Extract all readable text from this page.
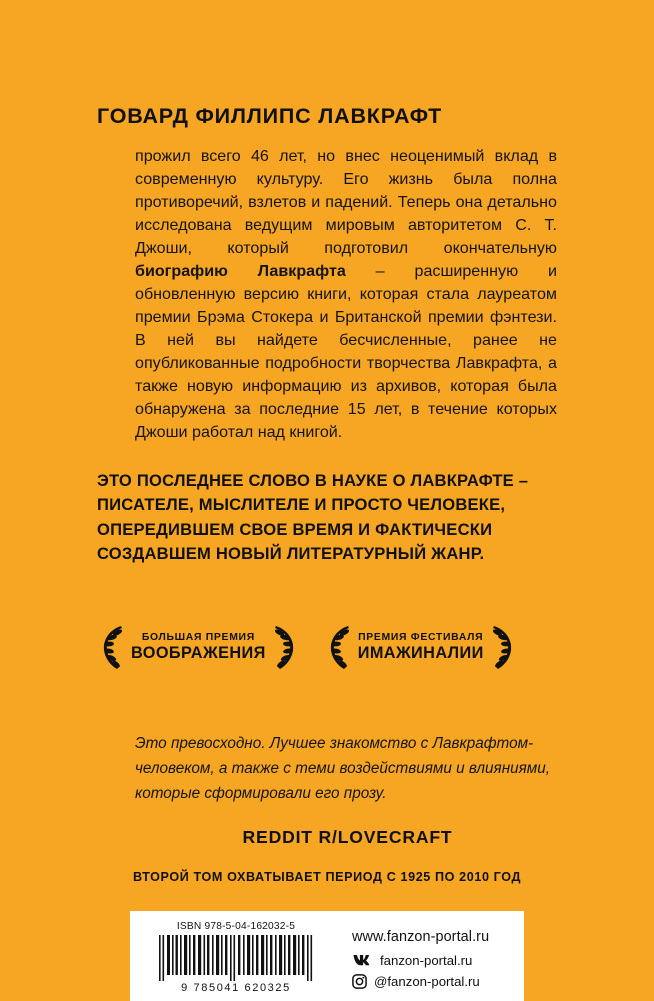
ГОВАРД ФИЛЛИПС ЛАВКРАФТ

прожил всего 46 лет, но внес неоценимый вклад в современную культуру. Его жизнь была полна противоречий, взлетов и падений. Теперь она детально исследована ведущим мировым авторитетом С. Т. Джоши, который подготовил окончательную биографию Лавкрафта – расширенную и обновленную версию книги, которая стала лауреатом премии Брэма Стокера и Британской премии фэнтези. В ней вы найдете бесчисленные, ранее не опубликованные подробности творчества Лавкрафта, а также новую информацию из архивов, которая была обнаружена за последние 15 лет, в течение которых Джоши работал над книгой.

ЭТО ПОСЛЕДНЕЕ СЛОВО В НАУКЕ О ЛАВКРАФТЕ –
ПИСАТЕЛЕ, МЫСЛИТЕЛЕ И ПРОСТО ЧЕЛОВЕКЕ,
ОПЕРЕДИВШЕМ СВОЕ ВРЕМЯ И ФАКТИЧЕСКИ
СОЗДАВШЕМ НОВЫЙ ЛИТЕРАТУРНЫЙ ЖАНР.
БОЛЬШАЯ ПРЕМИЯ
ВООБРАЖЕНИЯ
ПРЕМИЯ ФЕСТИВАЛЯ
ИМАЖИНАЛИИ

Это превосходно. Лучшее знакомство с Лавкрафтом-человеком, а также с теми воздействиями и влияниями, которые сформировали его прозу.

REDDIT R/LOVECRAFT
ВТОРОЙ ТОМ ОХВАТЫВАЕТ ПЕРИОД С 1925 ПО 2010 ГОД
ISBN 978-5-04-162032-5
9 785041 620325
www.fanzon-portal.ru
fanzon-portal.ru
@fanzon-portal.ru
